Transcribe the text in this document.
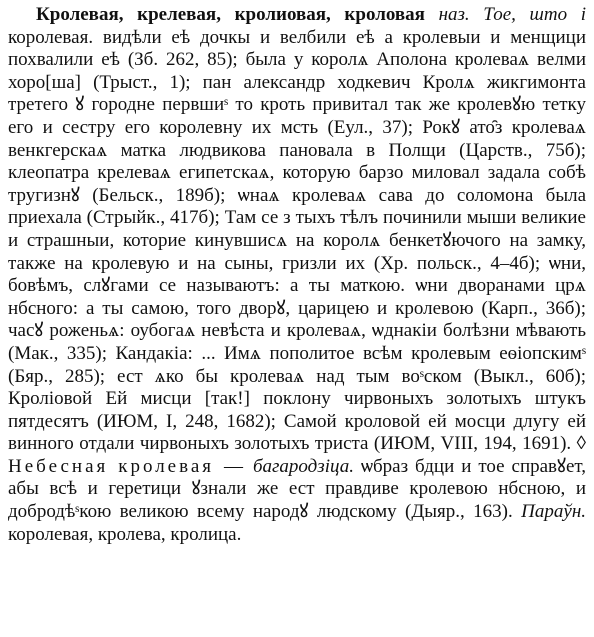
Кролевая, крелевая, кролиовая, кроловая наз. Тое, што i королевая. видѣли еѣ дочкы и велбили еѣ а кролевыи и менщици похвалили еѣ (Зб. 262, 85); была у королѧ Аполона кролеваѧ велми хоро[ша] (Трыст., 1); пан александр ходкевич Кролѧ жикгимонта третего ꙋ городне первшиˢ то кроть привитал так же кролевꙋю тетку его и сестру его королевну их мсть (Еул., 37); Рокꙋ ато̑з кролеваѧ венкгерскаѧ матка людвикова пановала в Полщи (Царств., 75б); клеопатра крелеваѧ египетскаѧ, которую барзо миловал задала собѣ тругизнꙋ (Бельск., 189б); ѡнаѧ кролеваѧ сава до соломона была приехала (Стрыйк., 417б); Там се з тыхъ тѣлъ починили мыши великие и страшныи, которие кинувшисѧ на королѧ бенкетꙋючого на замку, также на кролевую и на сыны, гризли их (Хр. польск., 4–4б); ѡни, бовѣмъ, слꙋгами се называютъ: а ты маткою. ѡни дворанами црѧ нбсного: а ты самою, того дворꙋ, царицею и кролевою (Карп., 36б); часꙋ роженьѧ: оубогаѧ невѣста и кролеваѧ, ѡднакіи болѣзни мѣвають (Мак., 335); Кандакіа: ... Имѧ пополитое всѣм кролевым еѳіопскимˢ (Бяр., 285); ест ѧко бы кролеваѧ над тым воˢском (Выкл., 60б); Кролiовой Ей мисци [так!] поклону чирвоныхъ золотыхъ штукъ пятдесятъ (ИЮМ, I, 248, 1682); Самой кроловой ей мосци длугу ей винного отдали чирвоныхъ золотыхъ триста (ИЮМ, VIII, 194, 1691). ◊ Небесная кролевая — багародзіца. ѡбраз бдци и тое справꙋет, абы всѣ и геретици ꙋзнали же ест правдиве кролевою нбсною, и добродѣˢкою великою всему народꙋ людскому (Дыяр., 163). Параўн. королевая, кролева, кролица.
